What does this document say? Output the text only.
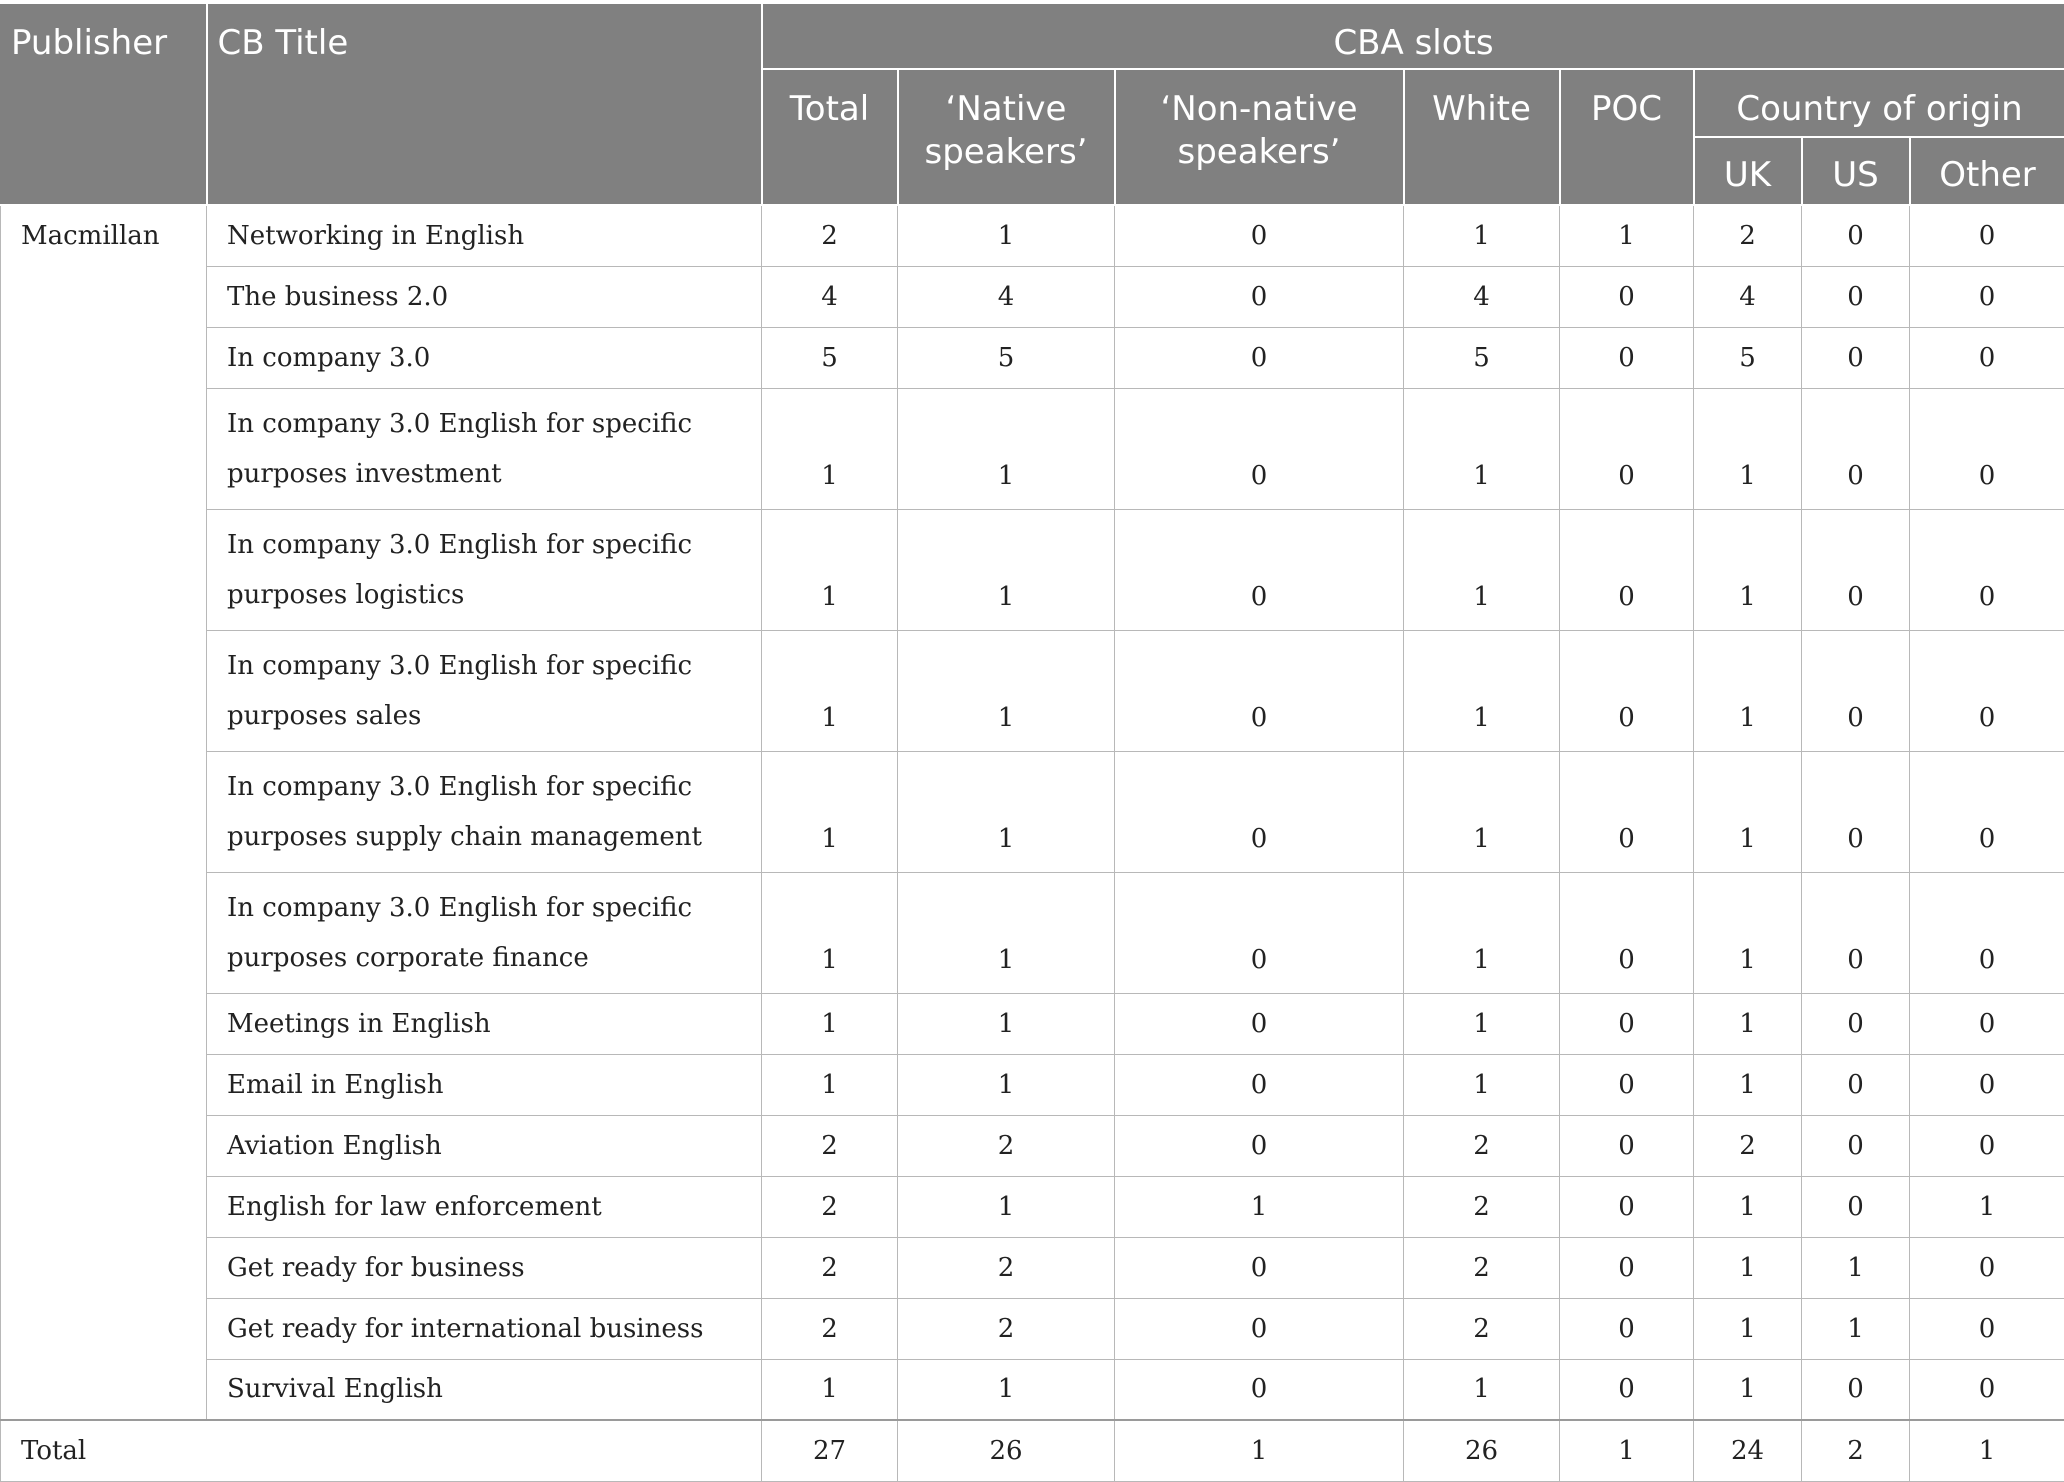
Publisher	CB Title	CBA slots							
		Total	‘Native speakers’	‘Non-native speakers’	White	POC	Country of origin		
							UK	US	Other
Macmillan	Networking in English	2	1	0	1	1	2	0	0
	The business 2.0	4	4	0	4	0	4	0	0
	In company 3.0	5	5	0	5	0	5	0	0
	In company 3.0 English for specific purposes investment	1	1	0	1	0	1	0	0
	In company 3.0 English for specific purposes logistics	1	1	0	1	0	1	0	0
	In company 3.0 English for specific purposes sales	1	1	0	1	0	1	0	0
	In company 3.0 English for specific purposes supply chain management	1	1	0	1	0	1	0	0
	In company 3.0 English for specific purposes corporate finance	1	1	0	1	0	1	0	0
	Meetings in English	1	1	0	1	0	1	0	0
	Email in English	1	1	0	1	0	1	0	0
	Aviation English	2	2	0	2	0	2	0	0
	English for law enforcement	2	1	1	2	0	1	0	1
	Get ready for business	2	2	0	2	0	1	1	0
	Get ready for international business	2	2	0	2	0	1	1	0
	Survival English	1	1	0	1	0	1	0	0
Total		27	26	1	26	1	24	2	1
